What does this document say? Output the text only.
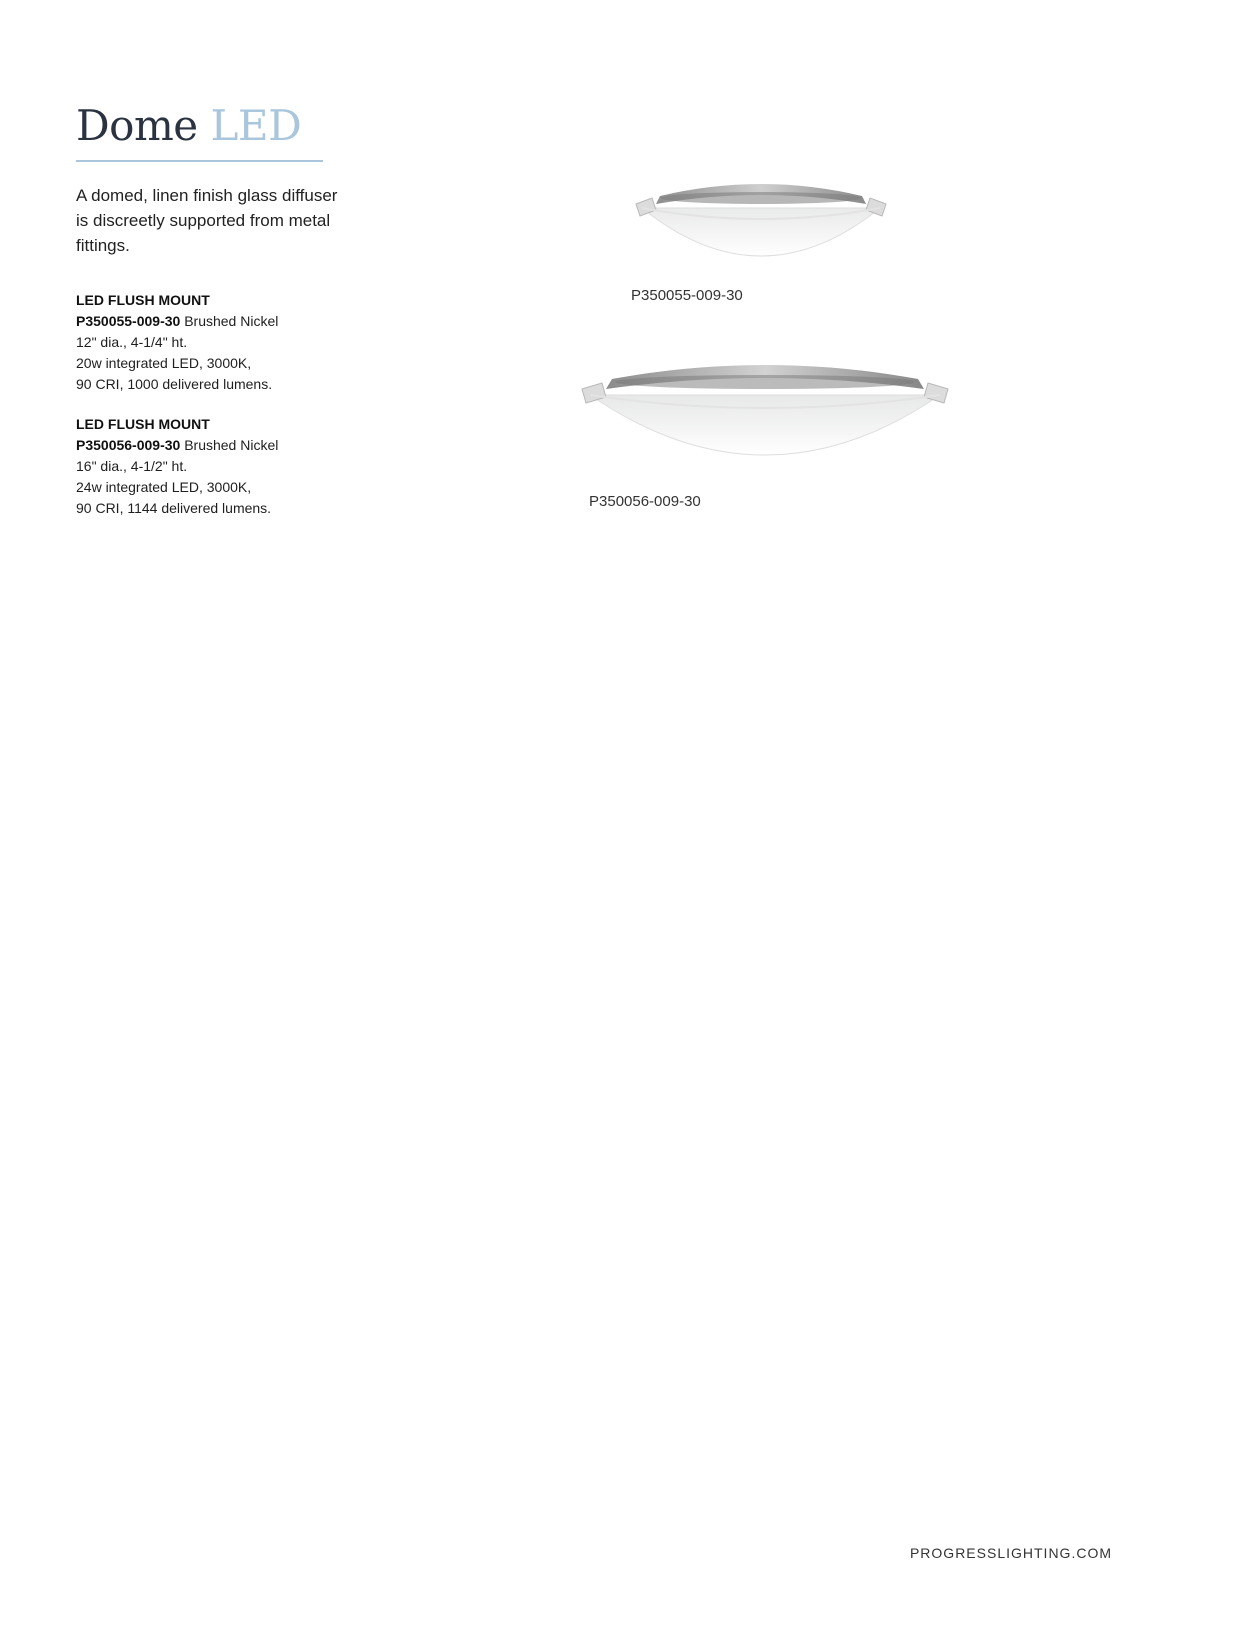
Dome LED

A domed, linen finish glass diffuser is discreetly supported from metal fittings.

LED FLUSH MOUNT
P350055-009-30 Brushed Nickel
12" dia., 4-1/4" ht.
20w integrated LED, 3000K,
90 CRI, 1000 delivered lumens.
LED FLUSH MOUNT
P350056-009-30 Brushed Nickel
16" dia., 4-1/2" ht.
24w integrated LED, 3000K,
90 CRI, 1144 delivered lumens.
P350055-009-30
P350056-009-30
PROGRESSLIGHTING.COM
